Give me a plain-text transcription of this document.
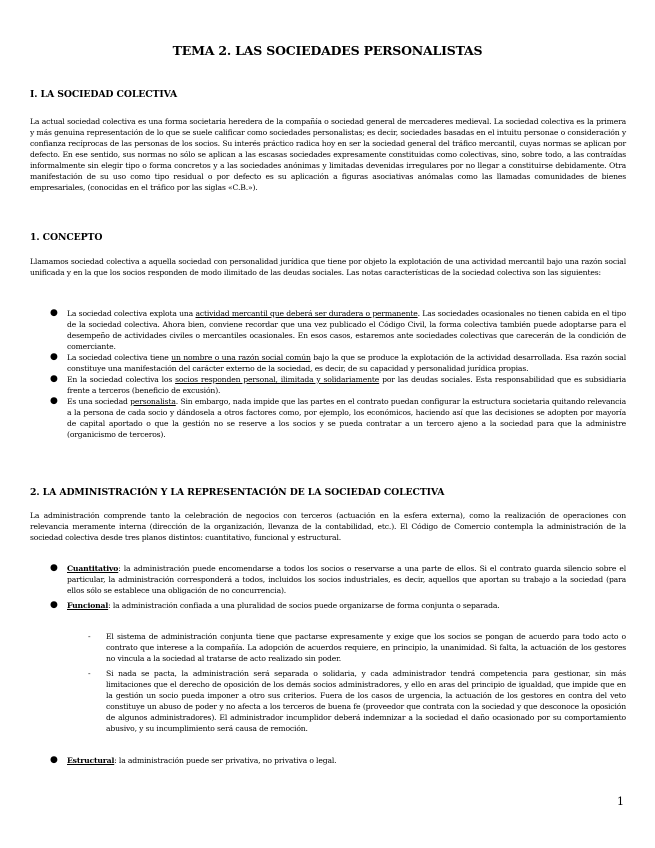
TEMA 2. LAS SOCIEDADES PERSONALISTAS
I. LA SOCIEDAD COLECTIVA

La actual sociedad colectiva es una forma societaria heredera de la compañía o sociedad general de mercaderes medieval. La sociedad colectiva es la primera y más genuina representación de lo que se suele calificar como sociedades personalistas; es decir, sociedades basadas en el intuitu personae o consideración y confianza recíprocas de las personas de los socios. Su interés práctico radica hoy en ser la sociedad general del tráfico mercantil, cuyas normas se aplican por defecto. En ese sentido, sus normas no sólo se aplican a las escasas sociedades expresamente constituidas como colectivas, sino, sobre todo, a las contraídas informalmente sin elegir tipo o forma concretos y a las sociedades anónimas y limitadas devenidas irregulares por no llegar a constituirse debidamente. Otra manifestación de su uso como tipo residual o por defecto es su aplicación a figuras asociativas anómalas como las llamadas comunidades de bienes empresariales, (conocidas en el tráfico por las siglas «C.B.»).

1. CONCEPTO

Llamamos sociedad colectiva a aquella sociedad con personalidad jurídica que tiene por objeto la explotación de una actividad mercantil bajo una razón social unificada y en la que los socios responden de modo ilimitado de las deudas sociales. Las notas características de la sociedad colectiva son las siguientes:

● La sociedad colectiva explota una actividad mercantil que deberá ser duradera o permanente. Las sociedades ocasionales no tienen cabida en el tipo de la sociedad colectiva. Ahora bien, conviene recordar que una vez publicado el Código Civil, la forma colectiva también puede adoptarse para el desempeño de actividades civiles o mercantiles ocasionales. En esos casos, estaremos ante sociedades colectivas que carecerán de la condición de comerciante.
● La sociedad colectiva tiene un nombre o una razón social común bajo la que se produce la explotación de la actividad desarrollada. Esa razón social constituye una manifestación del carácter externo de la sociedad, es decir, de su capacidad y personalidad jurídica propias.
● En la sociedad colectiva los socios responden personal, ilimitada y solidariamente por las deudas sociales. Esta responsabilidad que es subsidiaria frente a terceros (beneficio de excusión).
● Es una sociedad personalista. Sin embargo, nada impide que las partes en el contrato puedan configurar la estructura societaria quitando relevancia a la persona de cada socio y dándosela a otros factores como, por ejemplo, los económicos, haciendo así que las decisiones se adopten por mayoría de capital aportado o que la gestión no se reserve a los socios y se pueda contratar a un tercero ajeno a la sociedad para que la administre (organicismo de terceros).
2. LA ADMINISTRACIÓN Y LA REPRESENTACIÓN DE LA SOCIEDAD COLECTIVA

La administración comprende tanto la celebración de negocios con terceros (actuación en la esfera externa), como la realización de operaciones con relevancia meramente interna (dirección de la organización, llevanza de la contabilidad, etc.). El Código de Comercio contempla la administración de la sociedad colectiva desde tres planos distintos: cuantitativo, funcional y estructural.

● Cuantitativo: la administración puede encomendarse a todos los socios o reservarse a una parte de ellos. Si el contrato guarda silencio sobre el particular, la administración corresponderá a todos, incluidos los socios industriales, es decir, aquellos que aportan su trabajo a la sociedad (para ellos sólo se establece una obligación de no concurrencia).
● Funcional: la administración confiada a una pluralidad de socios puede organizarse de forma conjunta o separada.
- El sistema de administración conjunta tiene que pactarse expresamente y exige que los socios se pongan de acuerdo para todo acto o contrato que interese a la compañía. La adopción de acuerdos requiere, en principio, la unanimidad. Si falta, la actuación de los gestores no vincula a la sociedad al tratarse de acto realizado sin poder.
- Si nada se pacta, la administración será separada o solidaria, y cada administrador tendrá competencia para gestionar, sin más limitaciones que el derecho de oposición de los demás socios administradores, y ello en aras del principio de igualdad, que impide que en la gestión un socio pueda imponer a otro sus criterios. Fuera de los casos de urgencia, la actuación de los gestores en contra del veto constituye un abuso de poder y no afecta a los terceros de buena fe (proveedor que contrata con la sociedad y que desconoce la oposición de algunos administradores). El administrador incumplidor deberá indemnizar a la sociedad el daño ocasionado por su comportamiento abusivo, y su incumplimiento será causa de remoción.
● Estructural: la administración puede ser privativa, no privativa o legal.
1
